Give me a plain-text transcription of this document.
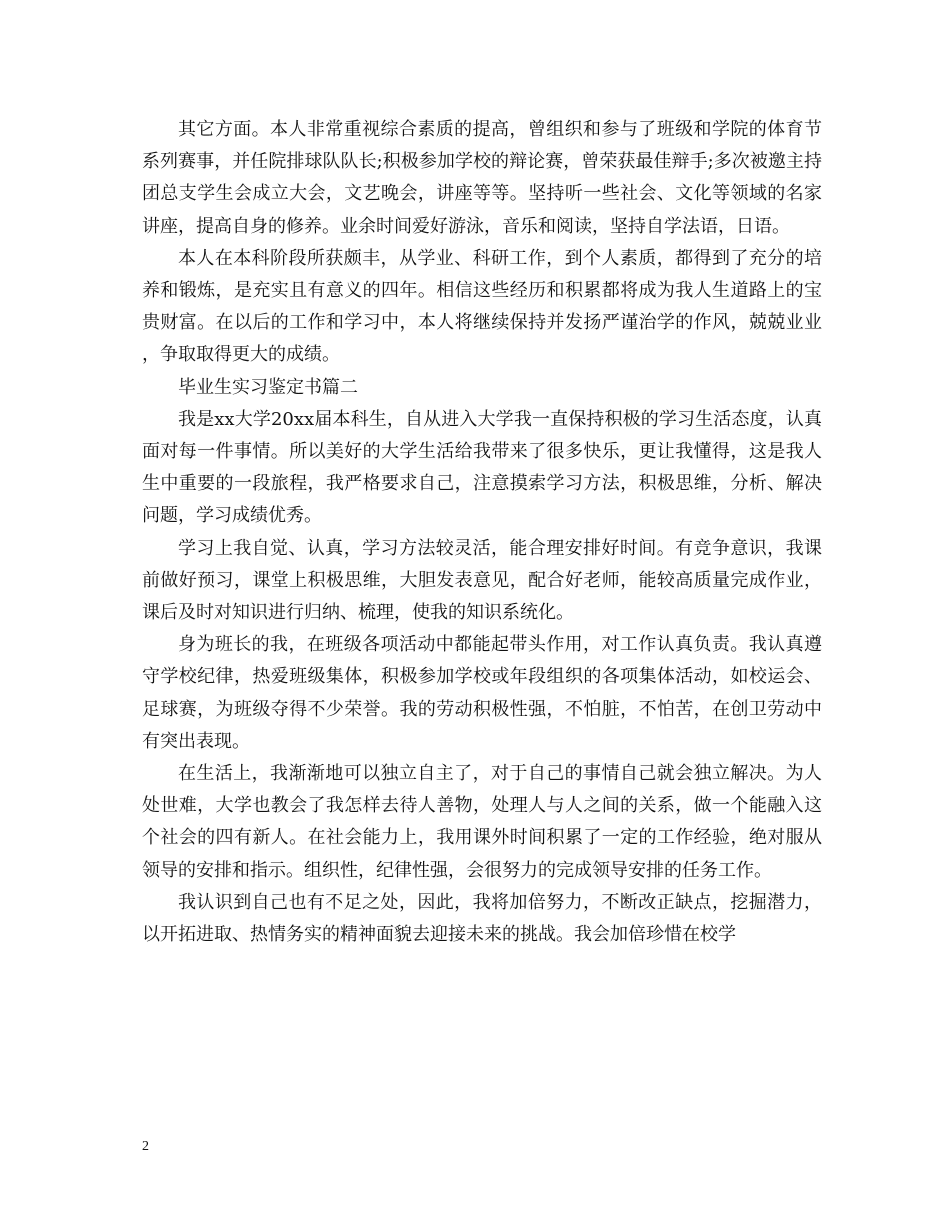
其它方面。本人非常重视综合素质的提高，曾组织和参与了班级和学院的体育节系列赛事，并任院排球队队长;积极参加学校的辩论赛，曾荣获最佳辩手;多次被邀主持团总支学生会成立大会，文艺晚会，讲座等等。坚持听一些社会、文化等领域的名家讲座，提高自身的修养。业余时间爱好游泳，音乐和阅读，坚持自学法语，日语。

本人在本科阶段所获颇丰，从学业、科研工作，到个人素质，都得到了充分的培养和锻炼，是充实且有意义的四年。相信这些经历和积累都将成为我人生道路上的宝贵财富。在以后的工作和学习中，本人将继续保持并发扬严谨治学的作风，兢兢业业，争取取得更大的成绩。

毕业生实习鉴定书篇二

我是xx大学20xx届本科生，自从进入大学我一直保持积极的学习生活态度，认真面对每一件事情。所以美好的大学生活给我带来了很多快乐，更让我懂得，这是我人生中重要的一段旅程，我严格要求自己，注意摸索学习方法，积极思维，分析、解决问题，学习成绩优秀。

学习上我自觉、认真，学习方法较灵活，能合理安排好时间。有竞争意识，我课前做好预习，课堂上积极思维，大胆发表意见，配合好老师，能较高质量完成作业，课后及时对知识进行归纳、梳理，使我的知识系统化。

身为班长的我，在班级各项活动中都能起带头作用，对工作认真负责。我认真遵守学校纪律，热爱班级集体，积极参加学校或年段组织的各项集体活动，如校运会、足球赛，为班级夺得不少荣誉。我的劳动积极性强，不怕脏，不怕苦，在创卫劳动中有突出表现。

在生活上，我渐渐地可以独立自主了，对于自己的事情自己就会独立解决。为人处世难，大学也教会了我怎样去待人善物，处理人与人之间的关系，做一个能融入这个社会的四有新人。在社会能力上，我用课外时间积累了一定的工作经验，绝对服从领导的安排和指示。组织性，纪律性强，会很努力的完成领导安排的任务工作。

我认识到自己也有不足之处，因此，我将加倍努力，不断改正缺点，挖掘潜力，以开拓进取、热情务实的精神面貌去迎接未来的挑战。我会加倍珍惜在校学

2
